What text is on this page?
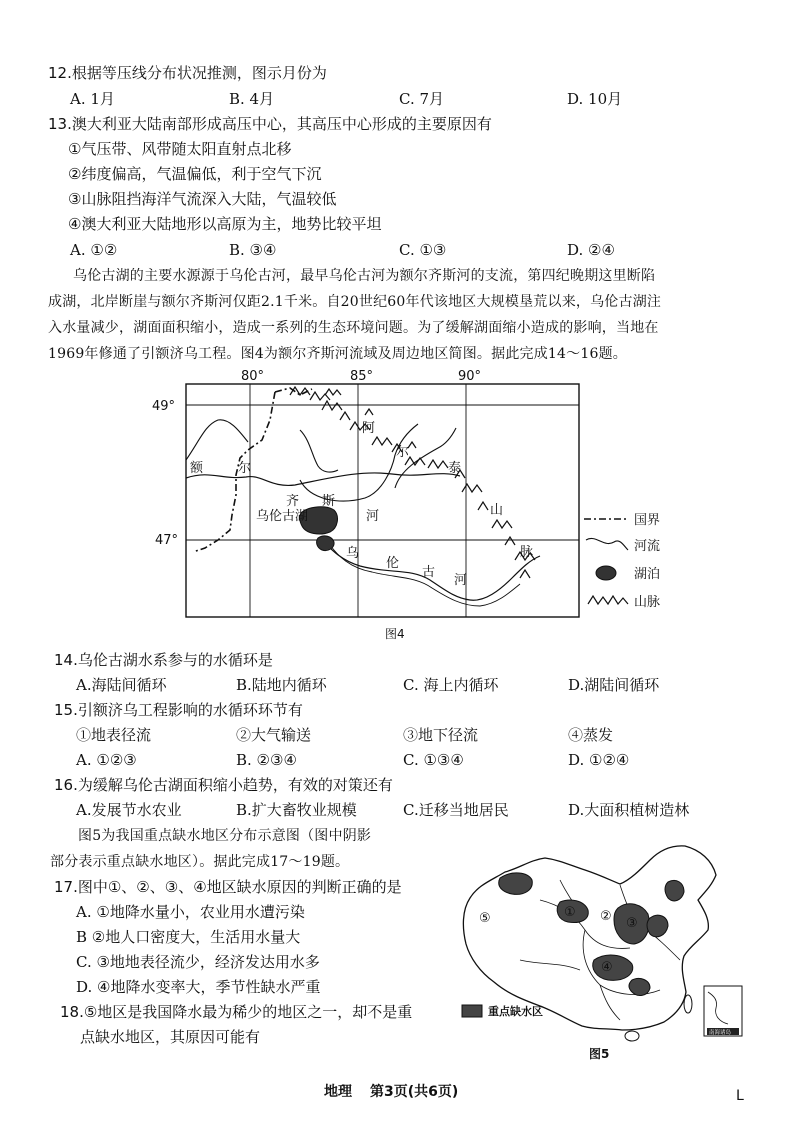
12.根据等压线分布状况推测，图示月份为
A. 1月	B. 4月	C. 7月	D. 10月
13.澳大利亚大陆南部形成高压中心，其高压中心形成的主要原因有
①气压带、风带随太阳直射点北移
②纬度偏高，气温偏低，利于空气下沉
③山脉阻挡海洋气流深入大陆，气温较低
④澳大利亚大陆地形以高原为主，地势比较平坦
A. ①②	B. ③④	C. ①③	D. ②④
乌伦古湖的主要水源源于乌伦古河，最早乌伦古河为额尔齐斯河的支流，第四纪晚期这里断陷
成湖，北岸断崖与额尔齐斯河仅距2.1千米。自20世纪60年代该地区大规模垦荒以来，乌伦古湖注
入水量减少，湖面面积缩小，造成一系列的生态环境问题。为了缓解湖面缩小造成的影响，当地在
1969年修通了引额济乌工程。图4为额尔齐斯河流域及周边地区简图。据此完成14～16题。
80°	85°	90°
49°
47°
额	尔
齐 斯
河
乌伦古湖
阿
尔
泰
山
脉
乌
伦
古
河
国界
河流
湖泊
山脉
图4
14.乌伦古湖水系参与的水循环是
A.海陆间循环	B.陆地内循环	C. 海上内循环	D.湖陆间循环
15.引额济乌工程影响的水循环环节有
①地表径流	②大气输送	③地下径流	④蒸发
A. ①②③	B. ②③④	C. ①③④	D. ①②④
16.为缓解乌伦古湖面积缩小趋势，有效的对策还有
A.发展节水农业	B.扩大畜牧业规模	C.迁移当地居民	D.大面积植树造林
图5为我国重点缺水地区分布示意图（图中阴影
部分表示重点缺水地区）。据此完成17～19题。
17.图中①、②、③、④地区缺水原因的判断正确的是
A. ①地降水量小，农业用水遭污染
B ②地人口密度大，生活用水量大
C. ③地地表径流少，经济发达用水多
D. ④地降水变率大，季节性缺水严重
18.⑤地区是我国降水最为稀少的地区之一，却不是重
点缺水地区，其原因可能有
⑤	① ② ③
④
南海诸岛
重点缺水区
图5
地理 第3页(共6页)	L
